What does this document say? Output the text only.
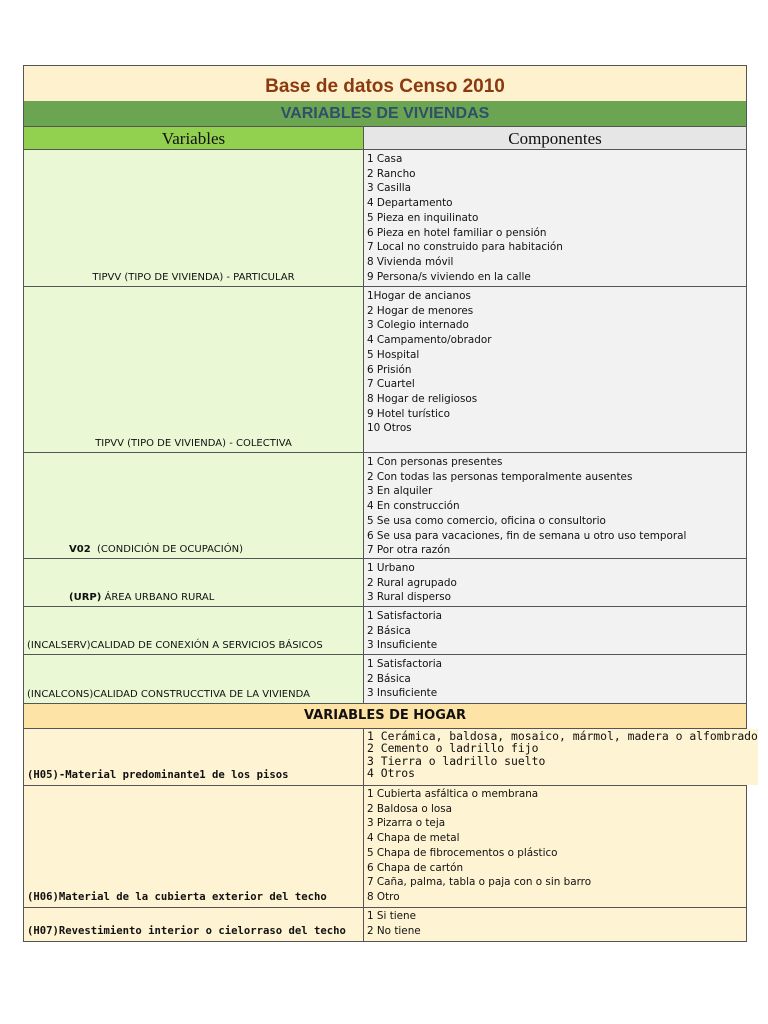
Base de datos Censo 2010
VARIABLES DE VIVIENDAS
Variables	Componentes
TIPVV (TIPO DE VIVIENDA) - PARTICULAR
1 Casa
2 Rancho
3 Casilla
4 Departamento
5 Pieza en inquilinato
6 Pieza en hotel familiar o pensión
7 Local no construido para habitación
8 Vivienda móvil
9 Persona/s viviendo en la calle
TIPVV (TIPO DE VIVIENDA) - COLECTIVA
1Hogar de ancianos
2 Hogar de menores
3 Colegio internado
4 Campamento/obrador
5 Hospital
6 Prisión
7 Cuartel
8 Hogar de religiosos
9 Hotel turístico
10 Otros
V02 (CONDICIÓN DE OCUPACIÓN)
1 Con personas presentes
2 Con todas las personas temporalmente ausentes
3 En alquiler
4 En construcción
5 Se usa como comercio, oficina o consultorio
6 Se usa para vacaciones, fin de semana u otro uso temporal
7 Por otra razón
(URP) ÁREA URBANO RURAL
1 Urbano
2 Rural agrupado
3 Rural disperso
(INCALSERV)CALIDAD DE CONEXIÓN A SERVICIOS BÁSICOS
1 Satisfactoria
2 Básica
3 Insuficiente
(INCALCONS)CALIDAD CONSTRUCCTIVA DE LA VIVIENDA
1 Satisfactoria
2 Básica
3 Insuficiente
VARIABLES DE HOGAR
(H05)-Material predominante1 de los pisos
1 Cerámica, baldosa, mosaico, mármol, madera o alfombrado
2 Cemento o ladrillo fijo
3 Tierra o ladrillo suelto
4 Otros
(H06)Material de la cubierta exterior del techo
1 Cubierta asfáltica o membrana
2 Baldosa o losa
3 Pizarra o teja
4 Chapa de metal
5 Chapa de fibrocementos o plástico
6 Chapa de cartón
7 Caña, palma, tabla o paja con o sin barro
8 Otro
(H07)Revestimiento interior o cielorraso del techo
1 Si tiene
2 No tiene
